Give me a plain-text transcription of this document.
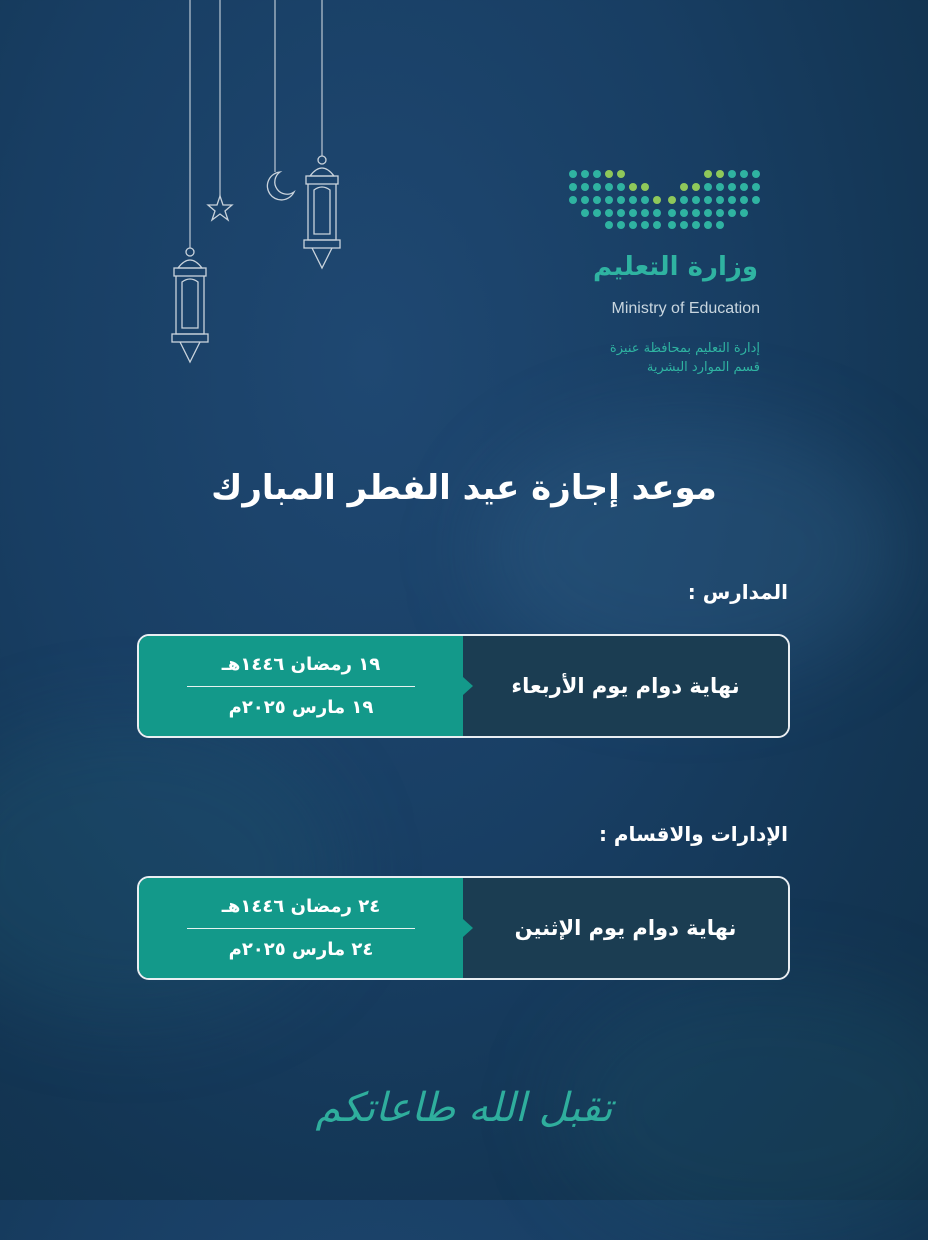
وزارة التعليم
Ministry of Education
إدارة التعليم بمحافظة عنيزة
قسم الموارد البشرية
موعد إجازة عيد الفطر المبارك
المدارس :
١٩ رمضان ١٤٤٦هـ
١٩ مارس ٢٠٢٥م
نهاية دوام يوم الأربعاء
الإدارات والاقسام :
٢٤ رمضان ١٤٤٦هـ
٢٤ مارس ٢٠٢٥م
نهاية دوام يوم الإثنين
تقبل الله طاعاتكم
